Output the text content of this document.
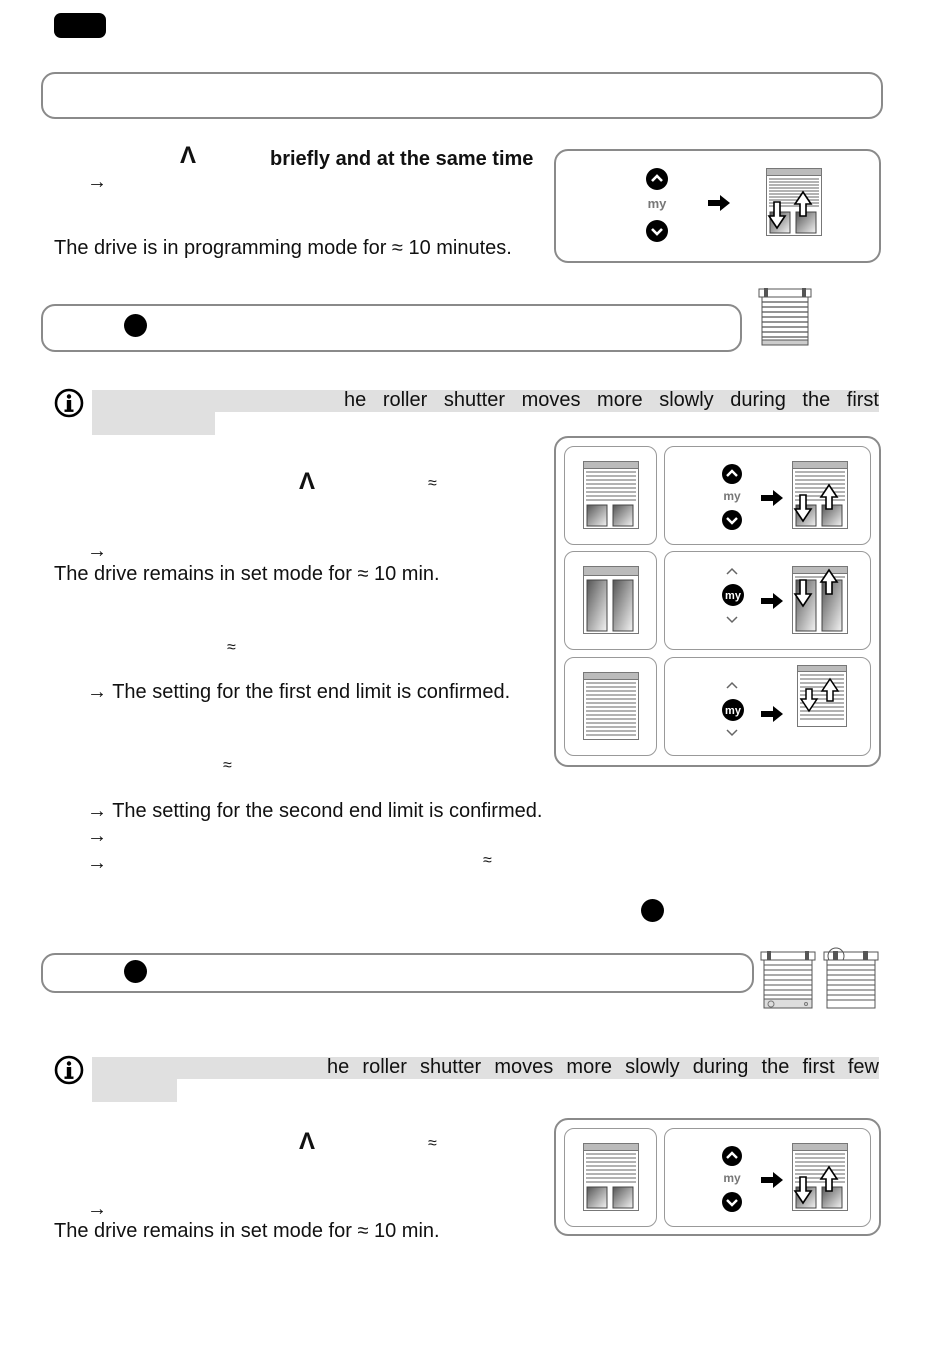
Λ	briefly and at the same time
→
The drive is in programming mode for ≈ 10 minutes.
my
he roller shutter moves more slowly during the first
Λ	≈
→
The drive remains in set mode for ≈ 10 min.
≈
→ The setting for the first end limit is confirmed.
≈
→ The setting for the second end limit is confirmed.
→
→	≈
my
my
my
he roller shutter moves more slowly during the first few
Λ	≈
→
The drive remains in set mode for ≈ 10 min.
my
